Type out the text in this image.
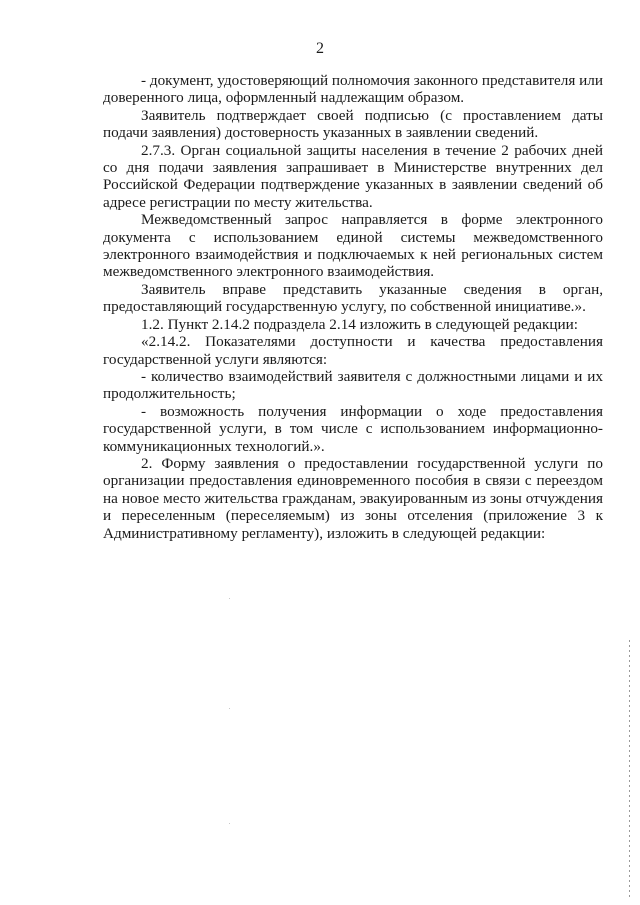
2

- документ, удостоверяющий полномочия законного представителя или доверенного лица, оформленный надлежащим образом.

Заявитель подтверждает своей подписью (с проставлением даты подачи заявления) достоверность указанных в заявлении сведений.

2.7.3. Орган социальной защиты населения в течение 2 рабочих дней со дня подачи заявления запрашивает в Министерстве внутренних дел Российской Федерации подтверждение указанных в заявлении сведений об адресе регистрации по месту жительства.

Межведомственный запрос направляется в форме электронного документа с использованием единой системы межведомственного электронного взаимодействия и подключаемых к ней региональных систем межведомственного электронного взаимодействия.

Заявитель вправе представить указанные сведения в орган, предоставляющий государственную услугу, по собственной инициативе.».

1.2. Пункт 2.14.2 подраздела 2.14 изложить в следующей редакции:

«2.14.2. Показателями доступности и качества предоставления государственной услуги являются:

- количество взаимодействий заявителя с должностными лицами и их продолжительность;

- возможность получения информации о ходе предоставления государственной услуги, в том числе с использованием информационно-коммуникационных технологий.».

2. Форму заявления о предоставлении государственной услуги по организации предоставления единовременного пособия в связи с переездом на новое место жительства гражданам, эвакуированным из зоны отчуждения и переселенным (переселяемым) из зоны отселения (приложение 3 к Административному регламенту), изложить в следующей редакции:
